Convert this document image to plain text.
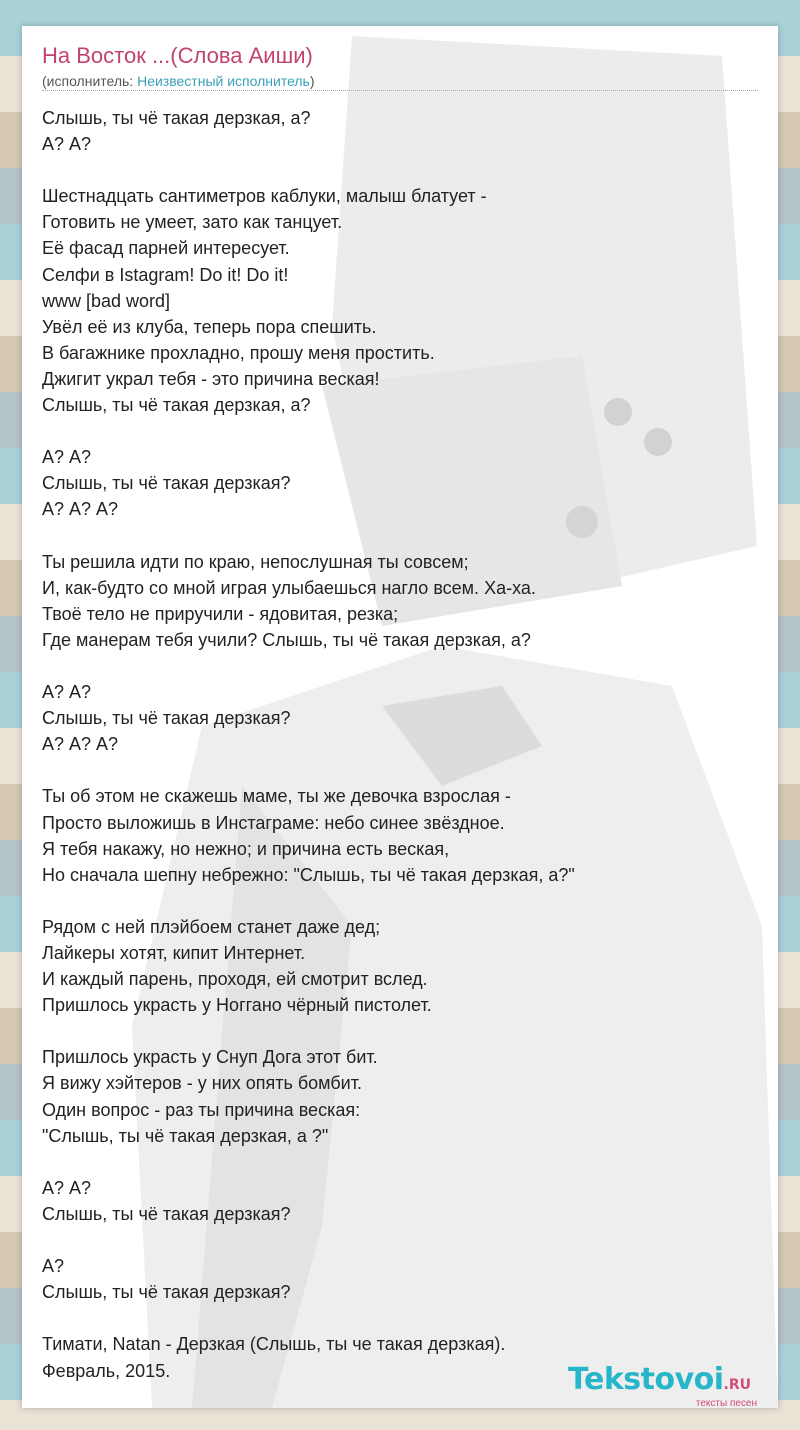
На Восток ...(Слова Аиши)
(исполнитель: Неизвестный исполнитель)
Слышь, ты чё такая дерзкая, а?
А? А?
Шестнадцать сантиметров каблуки, малыш блатует -
Готовить не умеет, зато как танцует.
Её фасад парней интересует.
Селфи в Istagram! Do it! Do it!
www [bad word]
Увёл её из клуба, теперь пора спешить.
В багажнике прохладно, прошу меня простить.
Джигит украл тебя - это причина веская!
Слышь, ты чё такая дерзкая, а?
А? А?
Слышь, ты чё такая дерзкая?
А? А? А?
Ты решила идти по краю, непослушная ты совсем;
И, как-будто со мной играя улыбаешься нагло всем. Ха-ха.
Твоё тело не приручили - ядовитая, резка;
Где манерам тебя учили? Слышь, ты чё такая дерзкая, а?
А? А?
Слышь, ты чё такая дерзкая?
А? А? А?
Ты об этом не скажешь маме, ты же девочка взрослая -
Просто выложишь в Инстаграме: небо синее звёздное.
Я тебя накажу, но нежно; и причина есть веская,
Но сначала шепну небрежно: "Слышь, ты чё такая дерзкая, а?"
Рядом с ней плэйбоем станет даже дед;
Лайкеры хотят, кипит Интернет.
И каждый парень, проходя, ей смотрит вслед.
Пришлось украсть у Ноггано чёрный пистолет.
Пришлось украсть у Снуп Дога этот бит.
Я вижу хэйтеров - у них опять бомбит.
Один вопрос - раз ты причина веская:
"Слышь, ты чё такая дерзкая, а ?"
А? А?
Слышь, ты чё такая дерзкая?
А?
Слышь, ты чё такая дерзкая?
Тимати, Natan - Дерзкая (Слышь, ты че такая дерзкая).
Февраль, 2015.	Tekstovoi.RU
тексты песен
